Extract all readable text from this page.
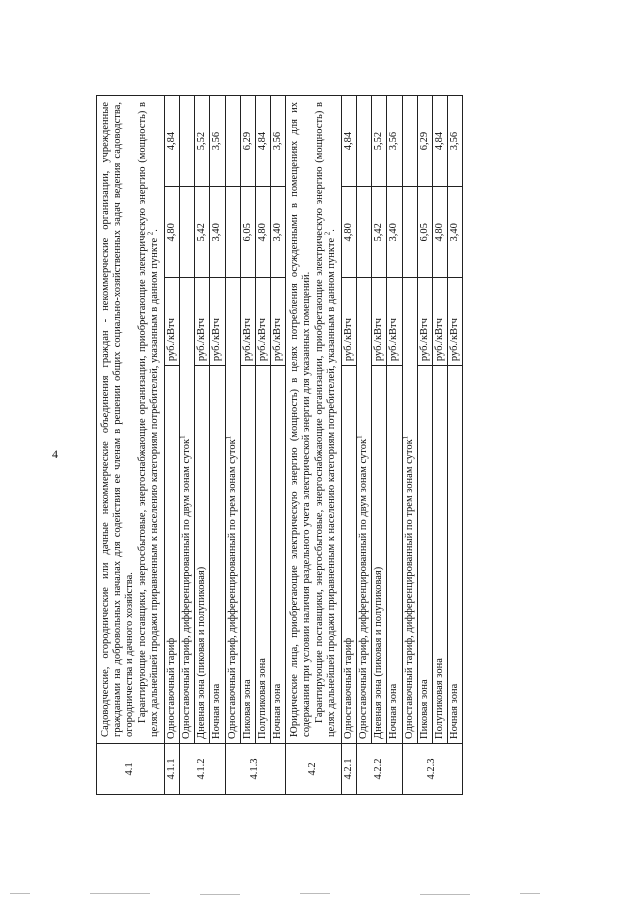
4
4.1	Садоводческие, огороднические или дачные некоммерческие объединения граждан - некоммерческие организации, учрежденные гражданами на добровольных началах для содействия ее членам в решении общих социально-хозяйственных задач ведения садоводства, огородничества и дачного хозяйства. Гарантирующие поставщики, энергосбытовые, энергоснабжающие организации, приобретающие электрическую энергию (мощность) в целях дальнейшей продажи приравненным к населению категориям потребителей, указанным в данном пункте $^2$.			

4.1.1	Одноставочный тариф	руб./кВтч	4,80	4,84
4.1.2	Одноставочный тариф, дифференцированный по двум зонам суток$^1$		
	Дневная зона (пиковая и полупиковая)	руб./кВтч	5,42	5,52
	Ночная зона	руб./кВтч	3,40	3,56
4.1.3	Одноставочный тариф, дифференцированный по трем зонам суток$^1$		
	Пиковая зона	руб./кВтч	6,05	6,29
	Полупиковая зона	руб./кВтч	4,80	4,84
	Ночная зона	руб./кВтч	3,40	3,56
4.2	Юридические лица, приобретающие электрическую энергию (мощность) в целях потребления осужденными в помещениях для их содержания при условии наличия раздельного учета электрической энергии для указанных помещений. Гарантирующие поставщики, энергосбытовые, энергоснабжающие организации, приобретающие электрическую энергию (мощность) в целях дальнейшей продажи приравненным к населению категориям потребителей, указанным в данном пункте $^2$.			

4.2.1	Одноставочный тариф	руб./кВтч	4,80	4,84
4.2.2	Одноставочный тариф, дифференцированный по двум зонам суток$^1$		
	Дневная зона (пиковая и полупиковая)	руб./кВтч	5,42	5,52
	Ночная зона	руб./кВтч	3,40	3,56
4.2.3	Одноставочный тариф, дифференцированный по трем зонам суток$^1$		
	Пиковая зона	руб./кВтч	6,05	6,29
	Полупиковая зона	руб./кВтч	4,80	4,84
	Ночная зона	руб./кВтч	3,40	3,56
